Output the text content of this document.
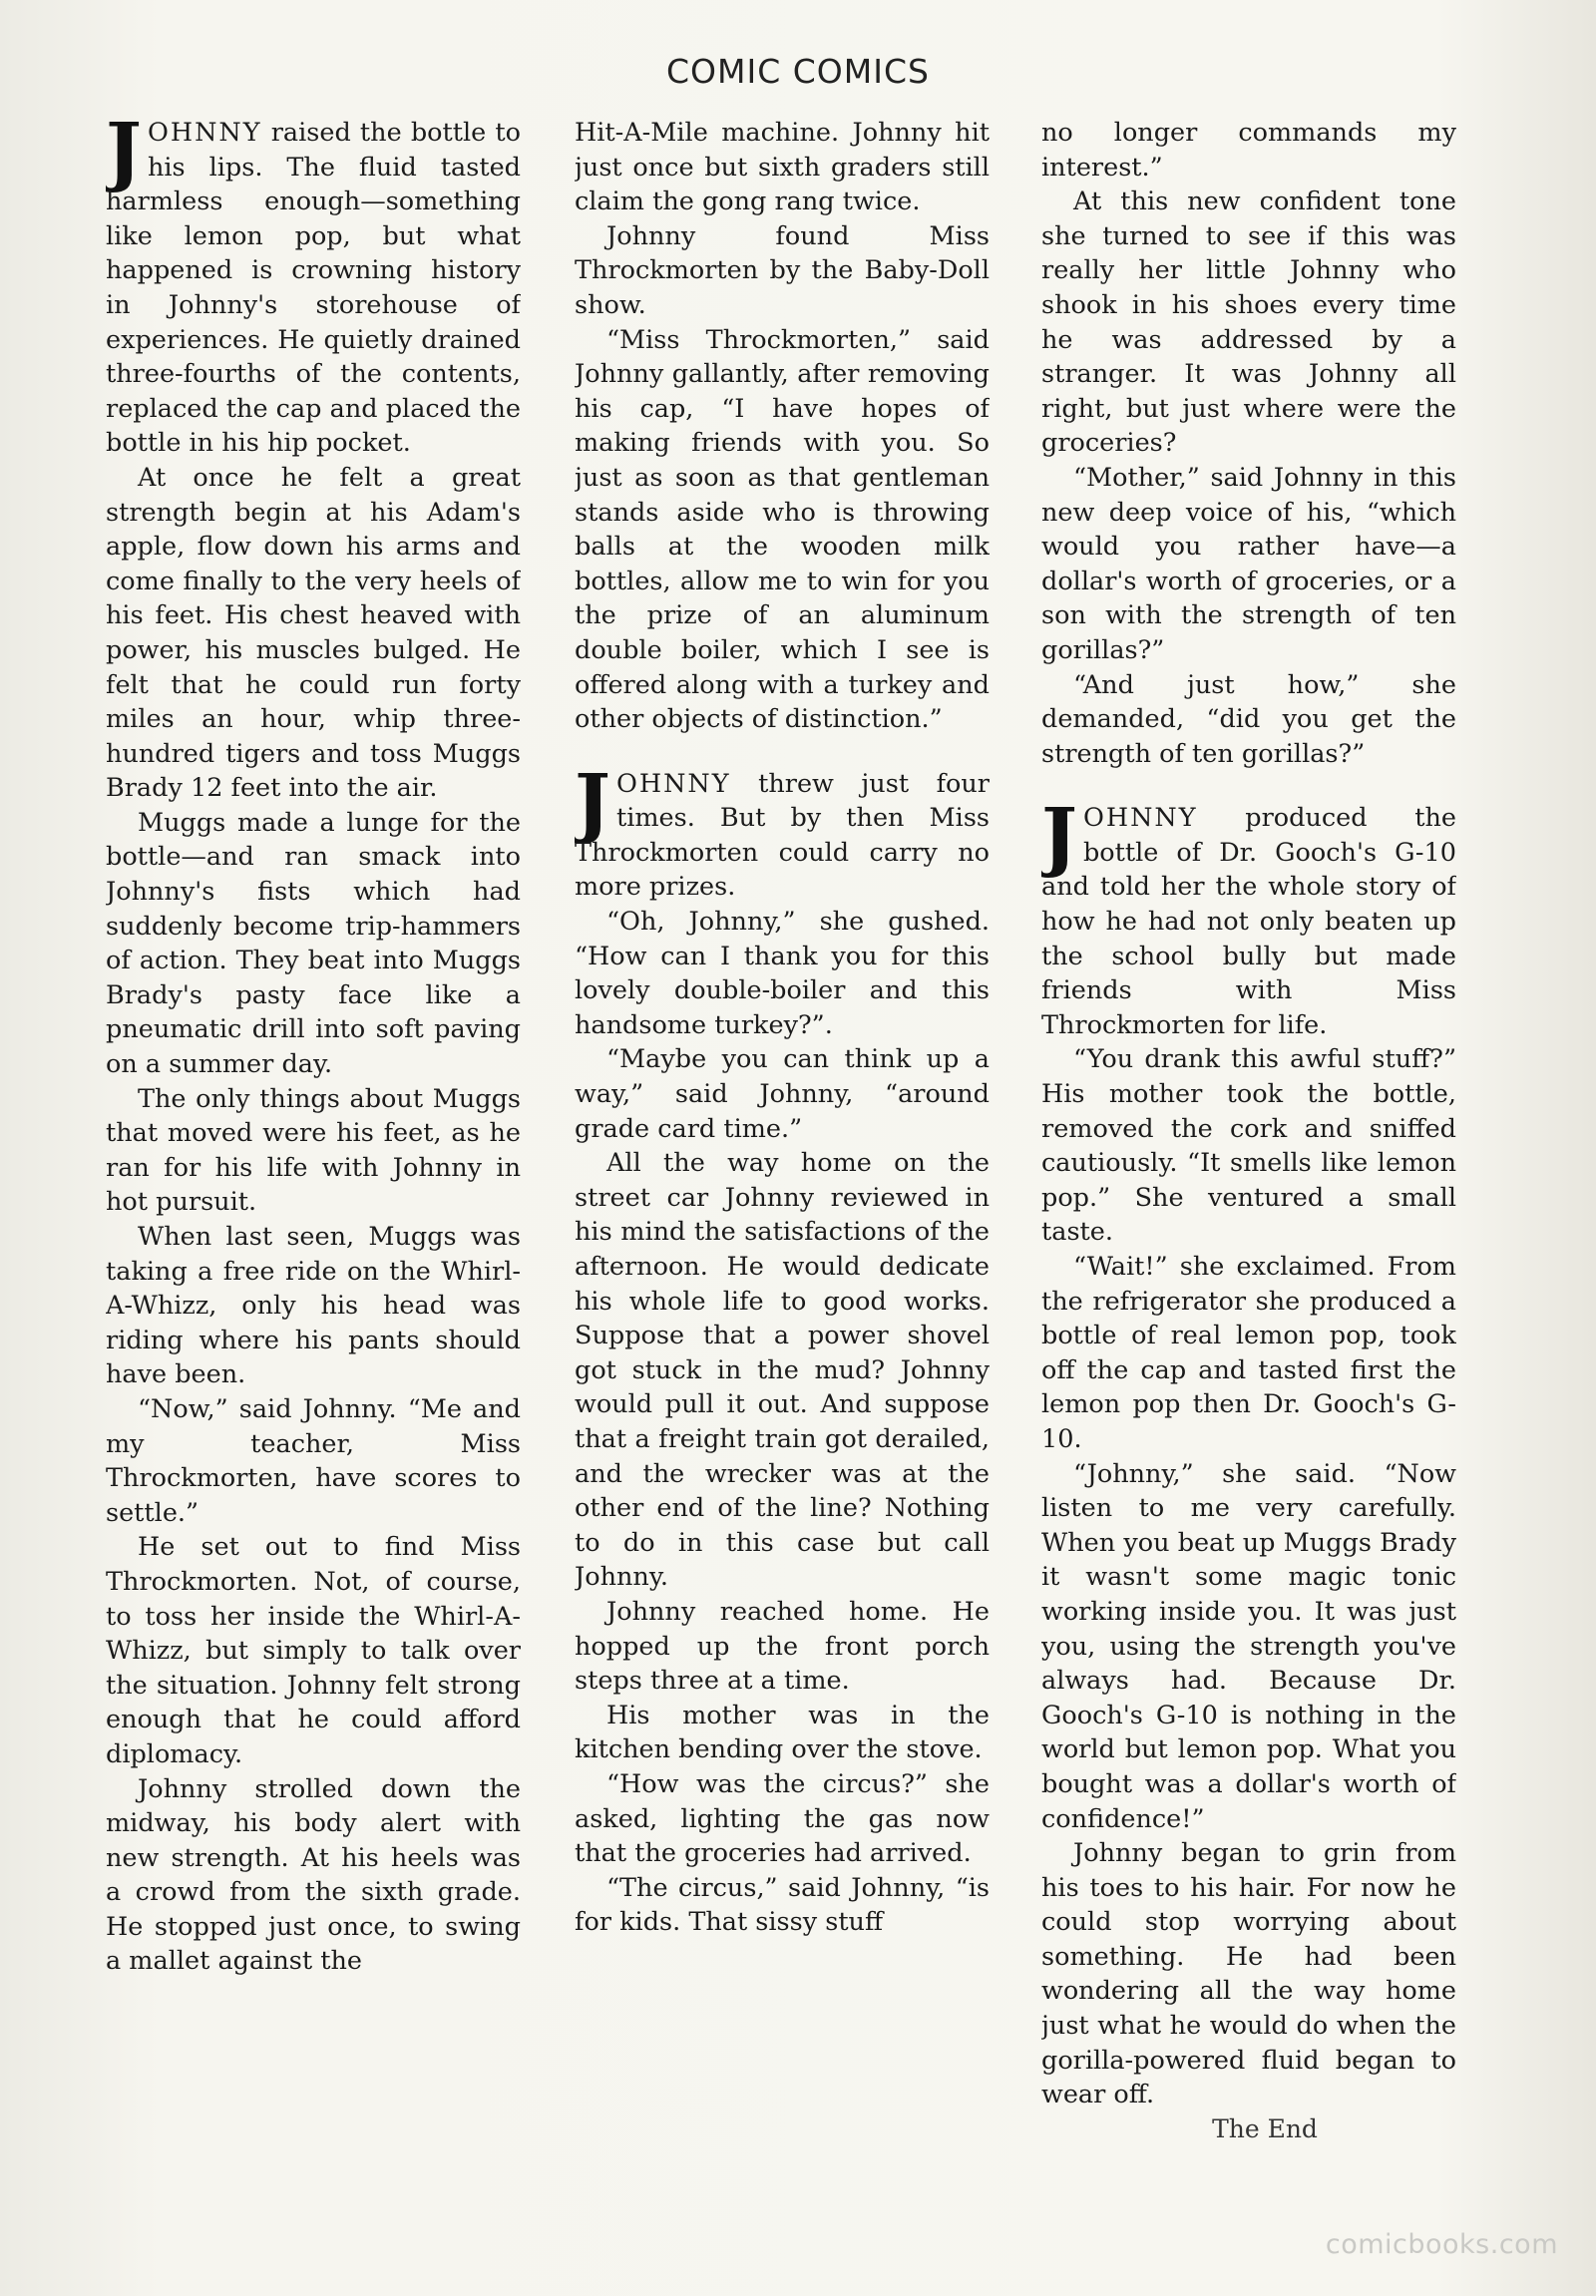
COMIC COMICS

JOHNNY raised the bottle to his lips. The fluid tasted harmless enough—something like lemon pop, but what happened is crowning history in Johnny's storehouse of experiences. He quietly drained three-fourths of the contents, replaced the cap and placed the bottle in his hip pocket.

At once he felt a great strength begin at his Adam's apple, flow down his arms and come finally to the very heels of his feet. His chest heaved with power, his muscles bulged. He felt that he could run forty miles an hour, whip three-hundred tigers and toss Muggs Brady 12 feet into the air.

Muggs made a lunge for the bottle—and ran smack into Johnny's fists which had suddenly become trip-hammers of action. They beat into Muggs Brady's pasty face like a pneumatic drill into soft paving on a summer day.

The only things about Muggs that moved were his feet, as he ran for his life with Johnny in hot pursuit.

When last seen, Muggs was taking a free ride on the Whirl-A-Whizz, only his head was riding where his pants should have been.

“Now,” said Johnny. “Me and my teacher, Miss Throckmorten, have scores to settle.”

He set out to find Miss Throckmorten. Not, of course, to toss her inside the Whirl-A-Whizz, but simply to talk over the situation. Johnny felt strong enough that he could afford diplomacy.

Johnny strolled down the midway, his body alert with new strength. At his heels was a crowd from the sixth grade. He stopped just once, to swing a mallet against the

Hit-A-Mile machine. Johnny hit just once but sixth graders still claim the gong rang twice.

Johnny found Miss Throckmorten by the Baby-Doll show.

“Miss Throckmorten,” said Johnny gallantly, after removing his cap, “I have hopes of making friends with you. So just as soon as that gentleman stands aside who is throwing balls at the wooden milk bottles, allow me to win for you the prize of an aluminum double boiler, which I see is offered along with a turkey and other objects of distinction.”

JOHNNY threw just four times. But by then Miss Throckmorten could carry no more prizes.

“Oh, Johnny,” she gushed. “How can I thank you for this lovely double-boiler and this handsome turkey?”.

“Maybe you can think up a way,” said Johnny, “around grade card time.”

All the way home on the street car Johnny reviewed in his mind the satisfactions of the afternoon. He would dedicate his whole life to good works. Suppose that a power shovel got stuck in the mud? Johnny would pull it out. And suppose that a freight train got derailed, and the wrecker was at the other end of the line? Nothing to do in this case but call Johnny.

Johnny reached home. He hopped up the front porch steps three at a time.

His mother was in the kitchen bending over the stove.

“How was the circus?” she asked, lighting the gas now that the groceries had arrived.

“The circus,” said Johnny, “is for kids. That sissy stuff

no longer commands my interest.”

At this new confident tone she turned to see if this was really her little Johnny who shook in his shoes every time he was addressed by a stranger. It was Johnny all right, but just where were the groceries?

“Mother,” said Johnny in this new deep voice of his, “which would you rather have—a dollar's worth of groceries, or a son with the strength of ten gorillas?”

“And just how,” she demanded, “did you get the strength of ten gorillas?”

JOHNNY produced the bottle of Dr. Gooch's G-10 and told her the whole story of how he had not only beaten up the school bully but made friends with Miss Throckmorten for life.

“You drank this awful stuff?” His mother took the bottle, removed the cork and sniffed cautiously. “It smells like lemon pop.” She ventured a small taste.

“Wait!” she exclaimed. From the refrigerator she produced a bottle of real lemon pop, took off the cap and tasted first the lemon pop then Dr. Gooch's G-10.

“Johnny,” she said. “Now listen to me very carefully. When you beat up Muggs Brady it wasn't some magic tonic working inside you. It was just you, using the strength you've always had. Because Dr. Gooch's G-10 is nothing in the world but lemon pop. What you bought was a dollar's worth of confidence!”

Johnny began to grin from his toes to his hair. For now he could stop worrying about something. He had been wondering all the way home just what he would do when the gorilla-powered fluid began to wear off.

The End

comicbooks.com
